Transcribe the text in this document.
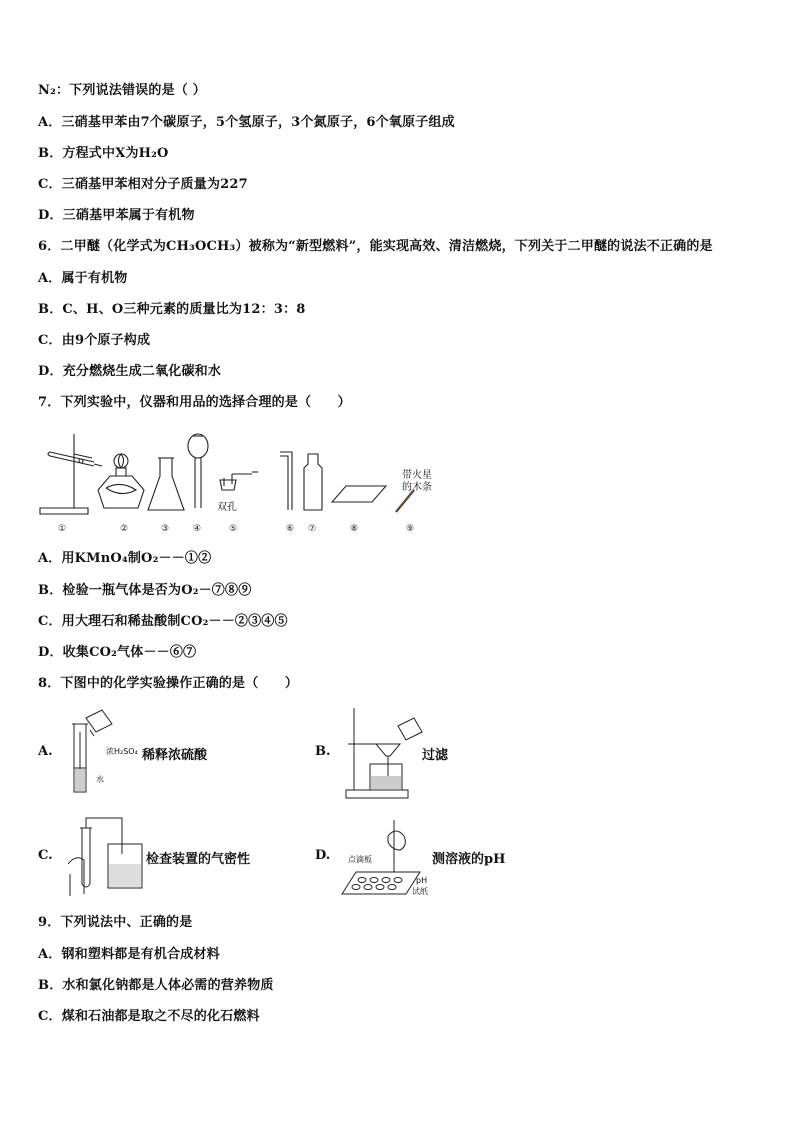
N₂：下列说法错误的是（ ）
A．三硝基甲苯由7个碳原子，5个氢原子，3个氮原子，6个氧原子组成
B．方程式中X为H₂O
C．三硝基甲苯相对分子质量为227
D．三硝基甲苯属于有机物
6．二甲醚（化学式为CH₃OCH₃）被称为“新型燃料”，能实现高效、清洁燃烧，下列关于二甲醚的说法不正确的是
A．属于有机物
B．C、H、O三种元素的质量比为12：3：8
C．由9个原子构成
D．充分燃烧生成二氧化碳和水
7．下列实验中，仪器和用品的选择合理的是（　　）
双孔
带火星
的木条
①	②	③	④	⑤	⑥ ⑦	⑧	⑨
A．用KMnO₄制O₂－－①②
B．检验一瓶气体是否为O₂－⑦⑧⑨
C．用大理石和稀盐酸制CO₂－－②③④⑤
D．收集CO₂气体－－⑥⑦
8．下图中的化学实验操作正确的是（　　）
A.	浓H₂SO₄
水
稀释浓硫酸	B.	过滤
C.	检查装置的气密性	D. 点滴板
pH
试纸
测溶液的pH
9．下列说法中、正确的是
A．钢和塑料都是有机合成材料
B．水和氯化钠都是人体必需的营养物质
C．煤和石油都是取之不尽的化石燃料
